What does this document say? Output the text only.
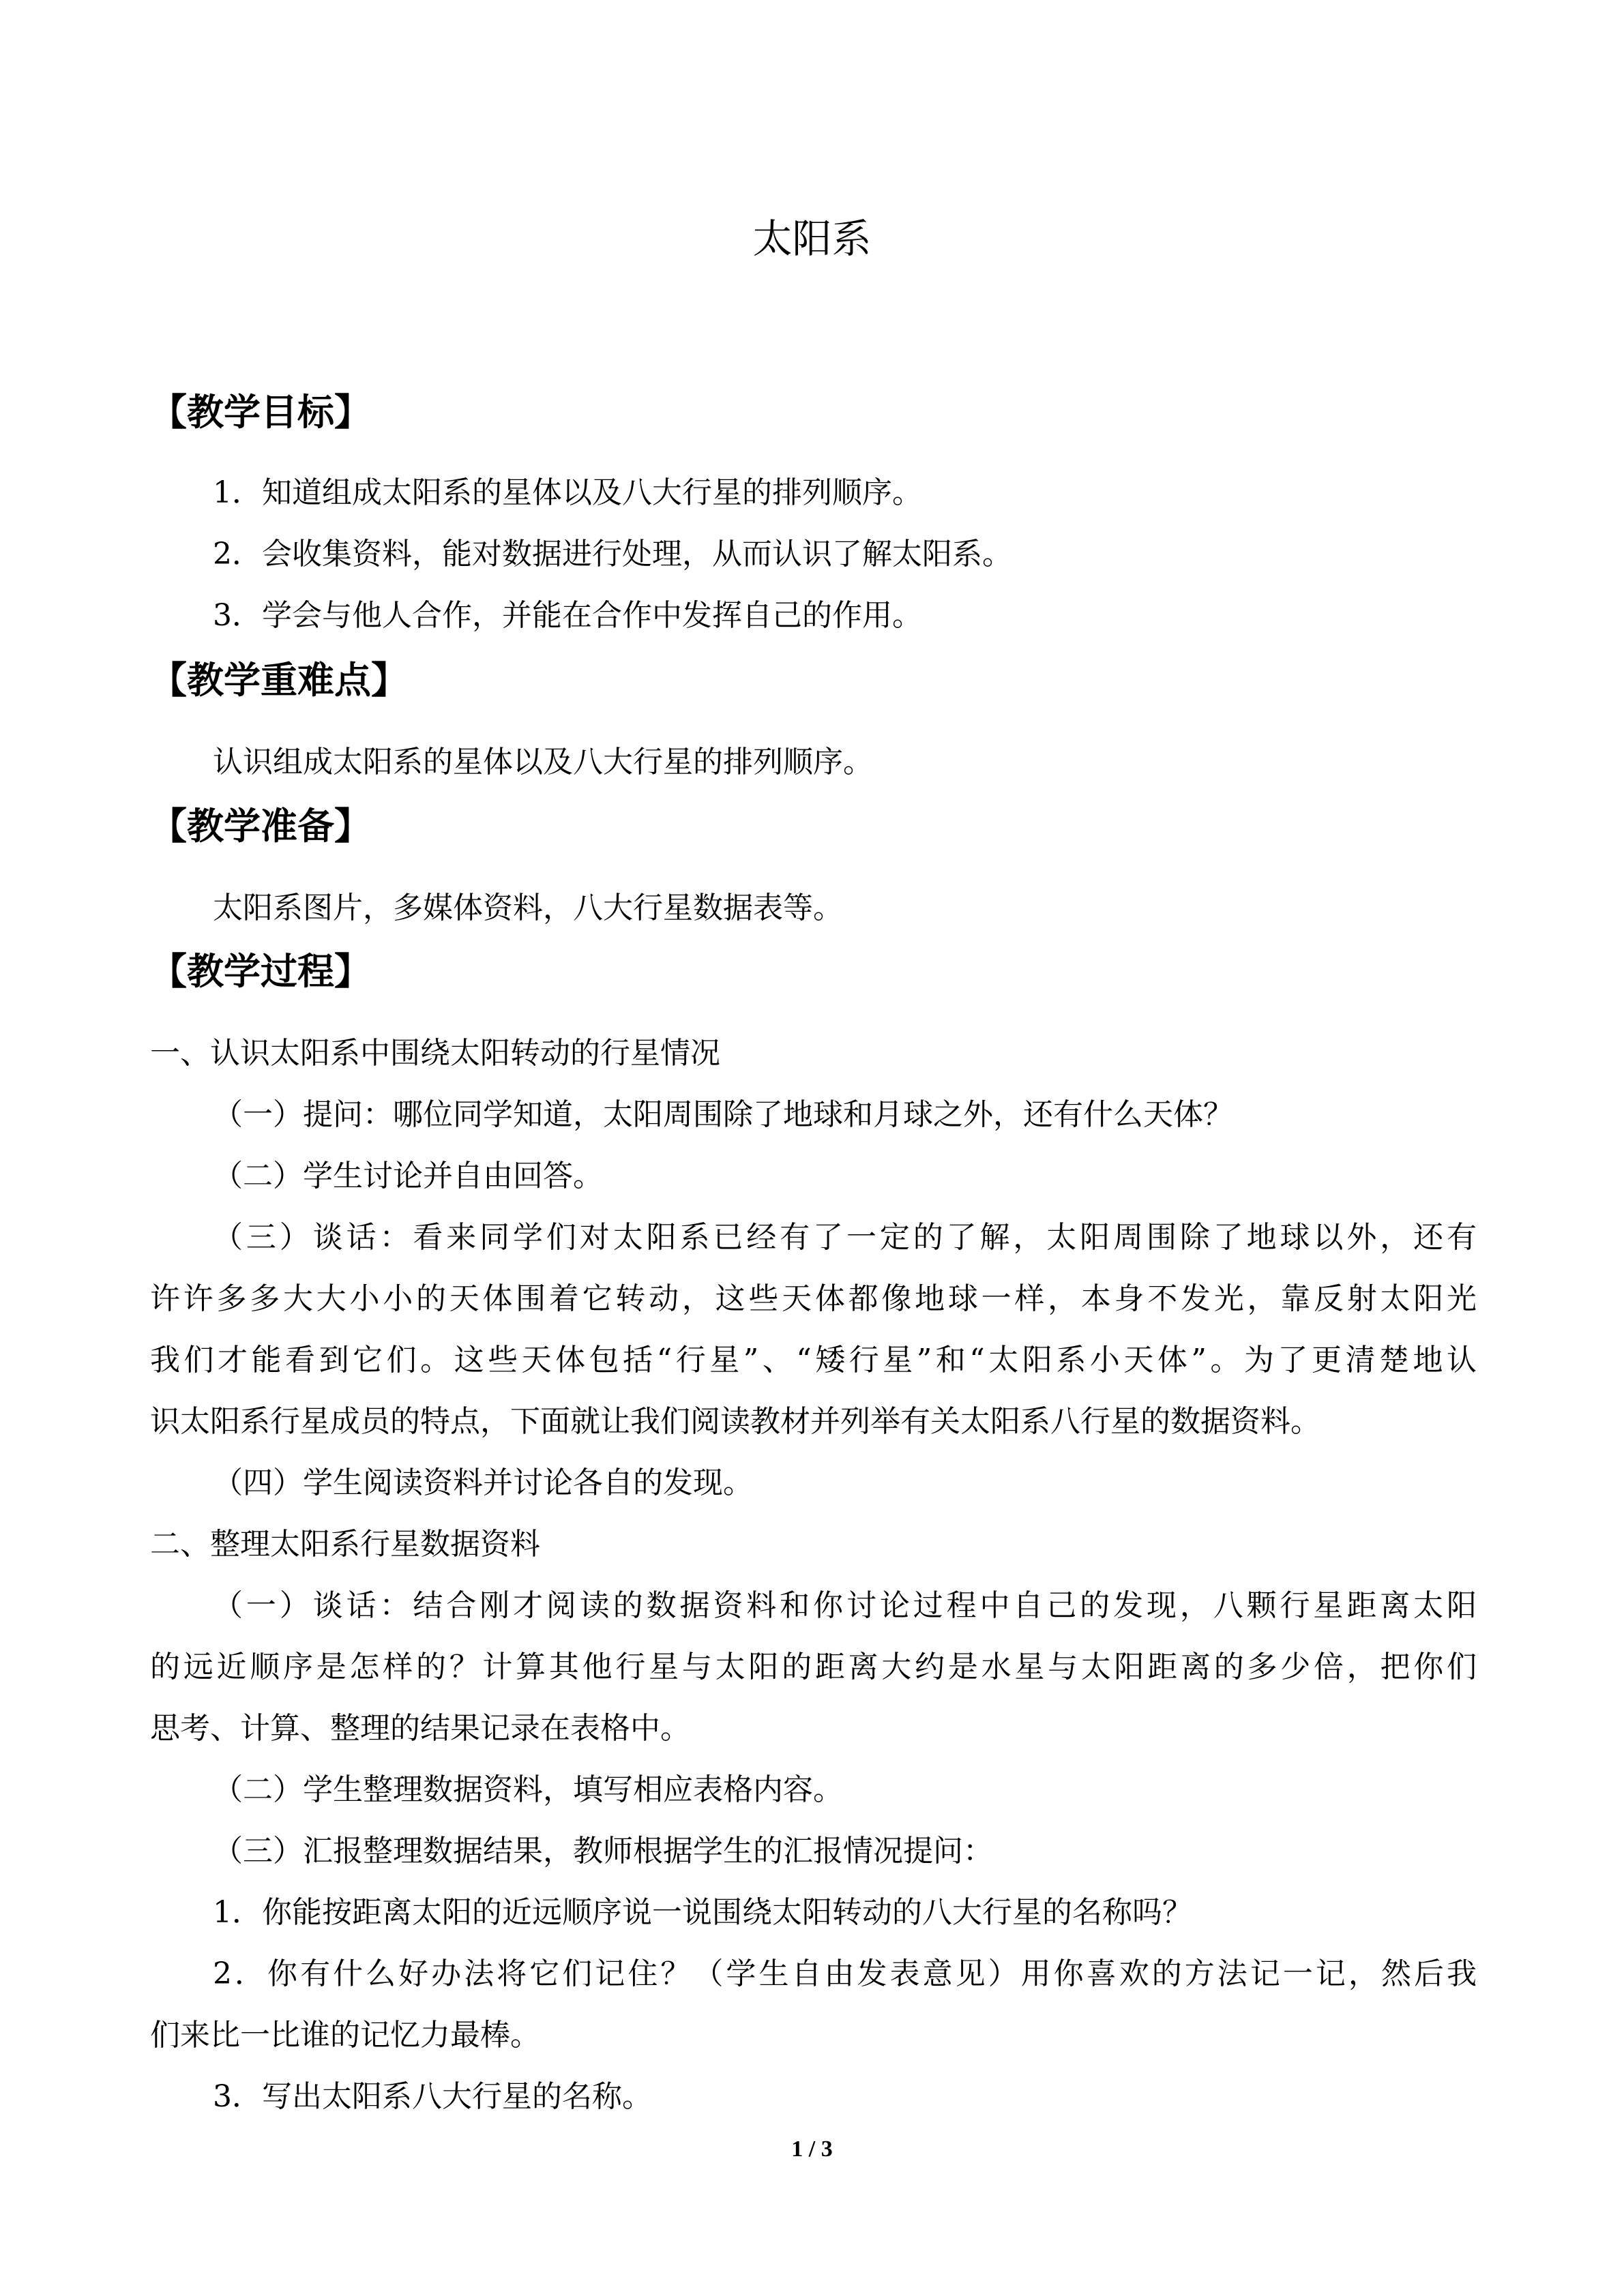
太阳系
【教学目标】
1．知道组成太阳系的星体以及八大行星的排列顺序。
2．会收集资料，能对数据进行处理，从而认识了解太阳系。
3．学会与他人合作，并能在合作中发挥自己的作用。
【教学重难点】
认识组成太阳系的星体以及八大行星的排列顺序。
【教学准备】
太阳系图片，多媒体资料，八大行星数据表等。
【教学过程】
一、认识太阳系中围绕太阳转动的行星情况
（一）提问：哪位同学知道，太阳周围除了地球和月球之外，还有什么天体？
（二）学生讨论并自由回答。
（三）谈话：看来同学们对太阳系已经有了一定的了解，太阳周围除了地球以外，还有
许许多多大大小小的天体围着它转动，这些天体都像地球一样，本身不发光，靠反射太阳光
我们才能看到它们。这些天体包括“行星”、“矮行星”和“太阳系小天体”。为了更清楚地认
识太阳系行星成员的特点，下面就让我们阅读教材并列举有关太阳系八行星的数据资料。
（四）学生阅读资料并讨论各自的发现。
二、整理太阳系行星数据资料
（一）谈话：结合刚才阅读的数据资料和你讨论过程中自己的发现，八颗行星距离太阳
的远近顺序是怎样的？计算其他行星与太阳的距离大约是水星与太阳距离的多少倍，把你们
思考、计算、整理的结果记录在表格中。
（二）学生整理数据资料，填写相应表格内容。
（三）汇报整理数据结果，教师根据学生的汇报情况提问：
1．你能按距离太阳的近远顺序说一说围绕太阳转动的八大行星的名称吗？
2．你有什么好办法将它们记住？（学生自由发表意见）用你喜欢的方法记一记，然后我
们来比一比谁的记忆力最棒。
3．写出太阳系八大行星的名称。
1 / 3
